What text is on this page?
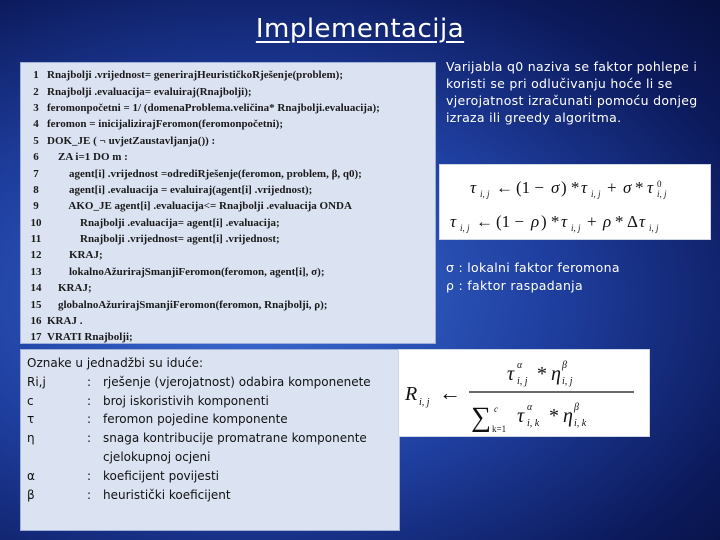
Implementacija
1 Rnajbolji .vrijednost= generirajHeurističkoRješenje(problem);
2 Rnajbolji .evaluacija= evaluiraj(Rnajbolji);
3 feromonpočetni = 1/ (domenaProblema.veličina* Rnajbolji.evaluacija);
4 feromon = inicijalizirajFeromon(feromonpočetni);
5 DOK_JE ( ¬ uvjetZaustavljanja()) :
6 ZA i=1 DO m :
7 agent[i] .vrijednost =odrediRješenje(feromon, problem, β, q0);
8 agent[i] .evaluacija = evaluiraj(agent[i] .vrijednost);
9 AKO_JE agent[i] .evaluacija<= Rnajbolji .evaluacija ONDA
10 Rnajbolji .evaluacija= agent[i] .evaluacija;
11 Rnajbolji .vrijednost= agent[i] .vrijednost;
12 KRAJ;
13 lokalnoAžurirajSmanjiFeromon(feromon, agent[i], σ);
14 KRAJ;
15 globalnoAžurirajSmanjiFeromon(feromon, Rnajbolji, ρ);
16 KRAJ .
17 VRATI Rnajbolji;
Varijabla q0 naziva se faktor pohlepe i koristi se pri odlučivanju hoće li se vjerojatnost izračunati pomoću donjeg izraza ili greedy algoritma.
τ i, j ← (1 − σ ) * τ i, j + σ * τ 0
i, j
τ i, j ← (1 − ρ ) * τ i, j + ρ * Δ τ i, j
σ : lokalni faktor feromona
ρ : faktor raspadanja
Oznake u jednadžbi su iduće:
Ri,j	: rješenje (vjerojatnost) odabira komponenete
c	: broj iskoristivih komponenti
τ	: feromon pojedine komponente
η	: snaga kontribucije promatrane komponente cjelokupnoj ocjeni
α	: koeficijent povijesti
β	: heuristički koeficijent
R i, j ←
τ α
i, j * η β
i, j
∑ c
k=1
τ α
i, k * η β
i, k
